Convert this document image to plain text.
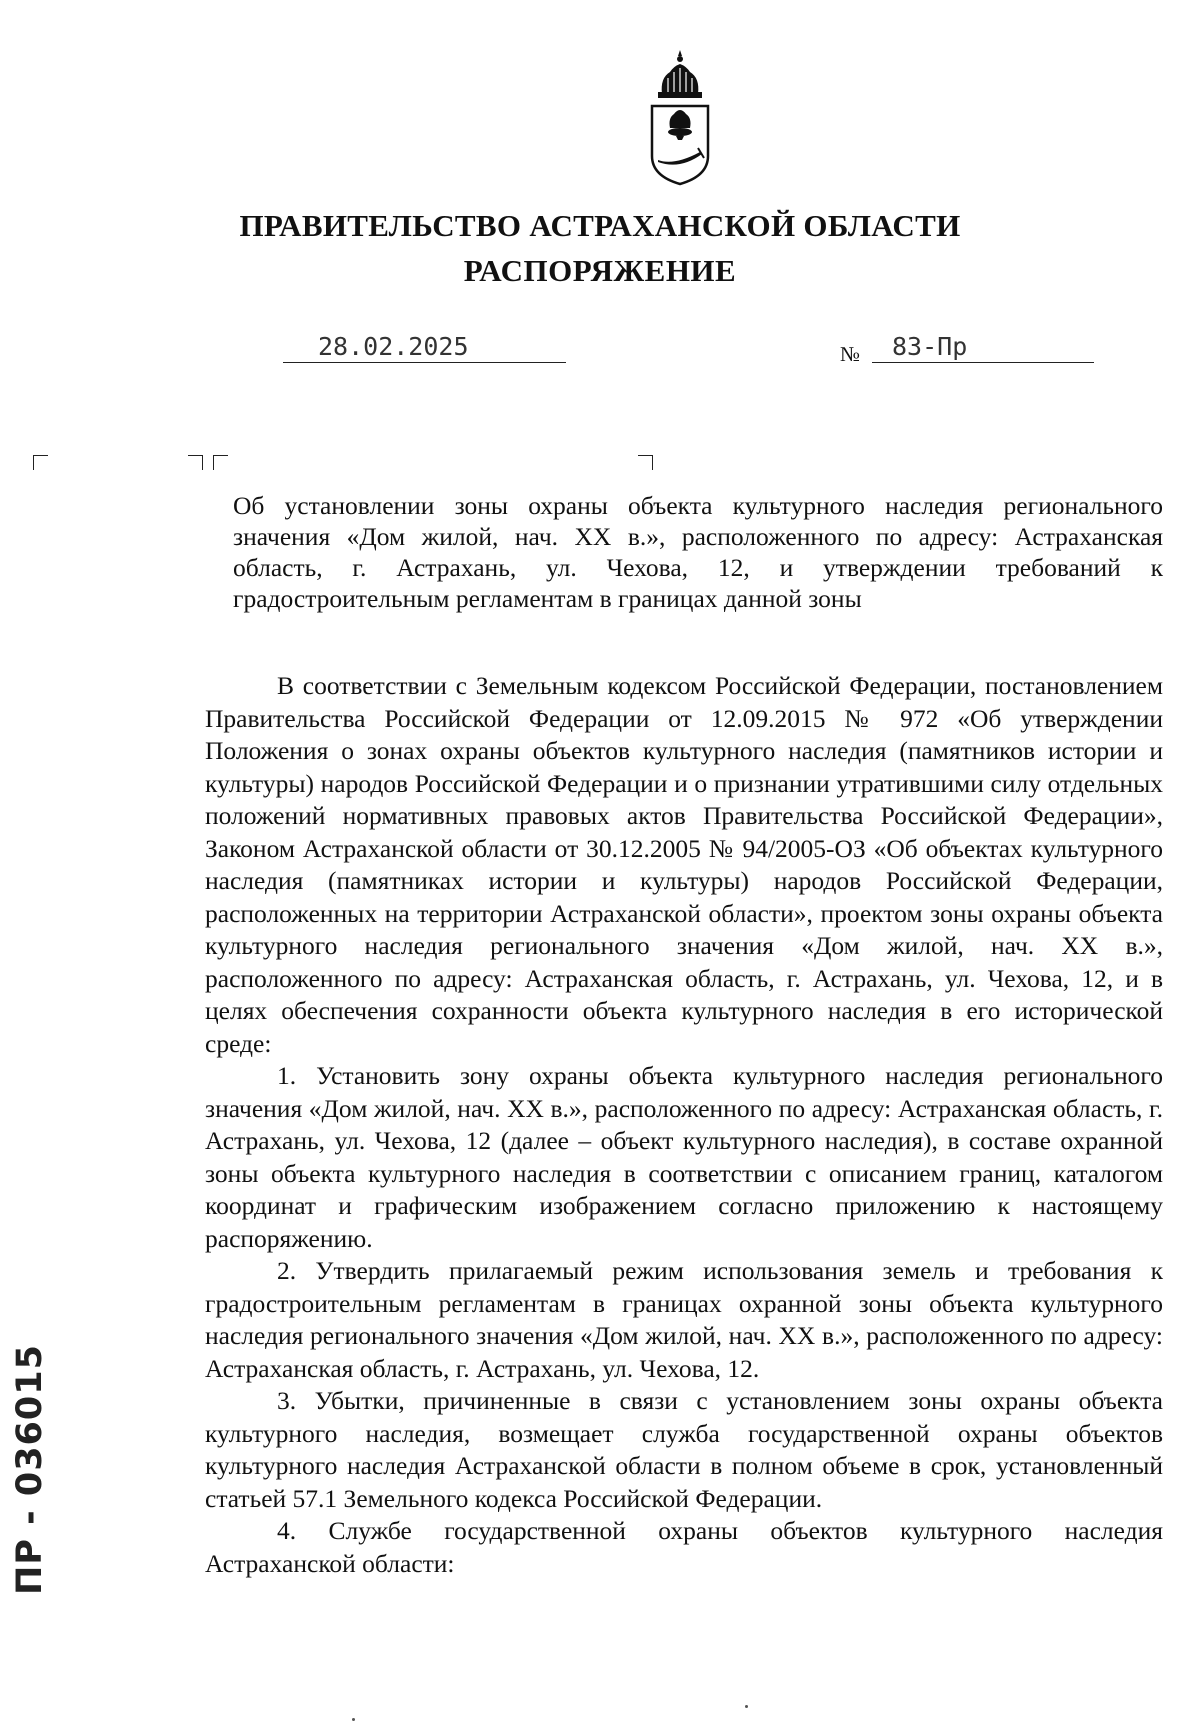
ПРАВИТЕЛЬСТВО АСТРАХАНСКОЙ ОБЛАСТИ
РАСПОРЯЖЕНИЕ
28.02.2025	№ 83-Пр
Об установлении зоны охраны объекта культурного наследия регионального значения «Дом жилой, нач. XX в.», расположенного по адресу: Астраханская область, г. Астрахань, ул. Чехова, 12, и утверждении требований к градостроительным регламентам в границах данной зоны

В соответствии с Земельным кодексом Российской Федерации, постановлением Правительства Российской Федерации от 12.09.2015 № 972 «Об утверждении Положения о зонах охраны объектов культурного наследия (памятников истории и культуры) народов Российской Федерации и о признании утратившими силу отдельных положений нормативных правовых актов Правительства Российской Федерации», Законом Астраханской области от 30.12.2005 № 94/2005-ОЗ «Об объектах культурного наследия (памятниках истории и культуры) народов Российской Федерации, расположенных на территории Астраханской области», проектом зоны охраны объекта культурного наследия регионального значения «Дом жилой, нач. XX в.», расположенного по адресу: Астраханская область, г. Астрахань, ул. Чехова, 12, и в целях обеспечения сохранности объекта культурного наследия в его исторической среде:

1. Установить зону охраны объекта культурного наследия регионального значения «Дом жилой, нач. XX в.», расположенного по адресу: Астраханская область, г. Астрахань, ул. Чехова, 12 (далее – объект культурного наследия), в составе охранной зоны объекта культурного наследия в соответствии с описанием границ, каталогом координат и графическим изображением согласно приложению к настоящему распоряжению.

2. Утвердить прилагаемый режим использования земель и требования к градостроительным регламентам в границах охранной зоны объекта культурного наследия регионального значения «Дом жилой, нач. XX в.», расположенного по адресу: Астраханская область, г. Астрахань, ул. Чехова, 12.

3. Убытки, причиненные в связи с установлением зоны охраны объекта культурного наследия, возмещает служба государственной охраны объектов культурного наследия Астраханской области в полном объеме в срок, установленный статьей 57.1 Земельного кодекса Российской Федерации.

4. Службе государственной охраны объектов культурного наследия Астраханской области:

ПР - 036015
